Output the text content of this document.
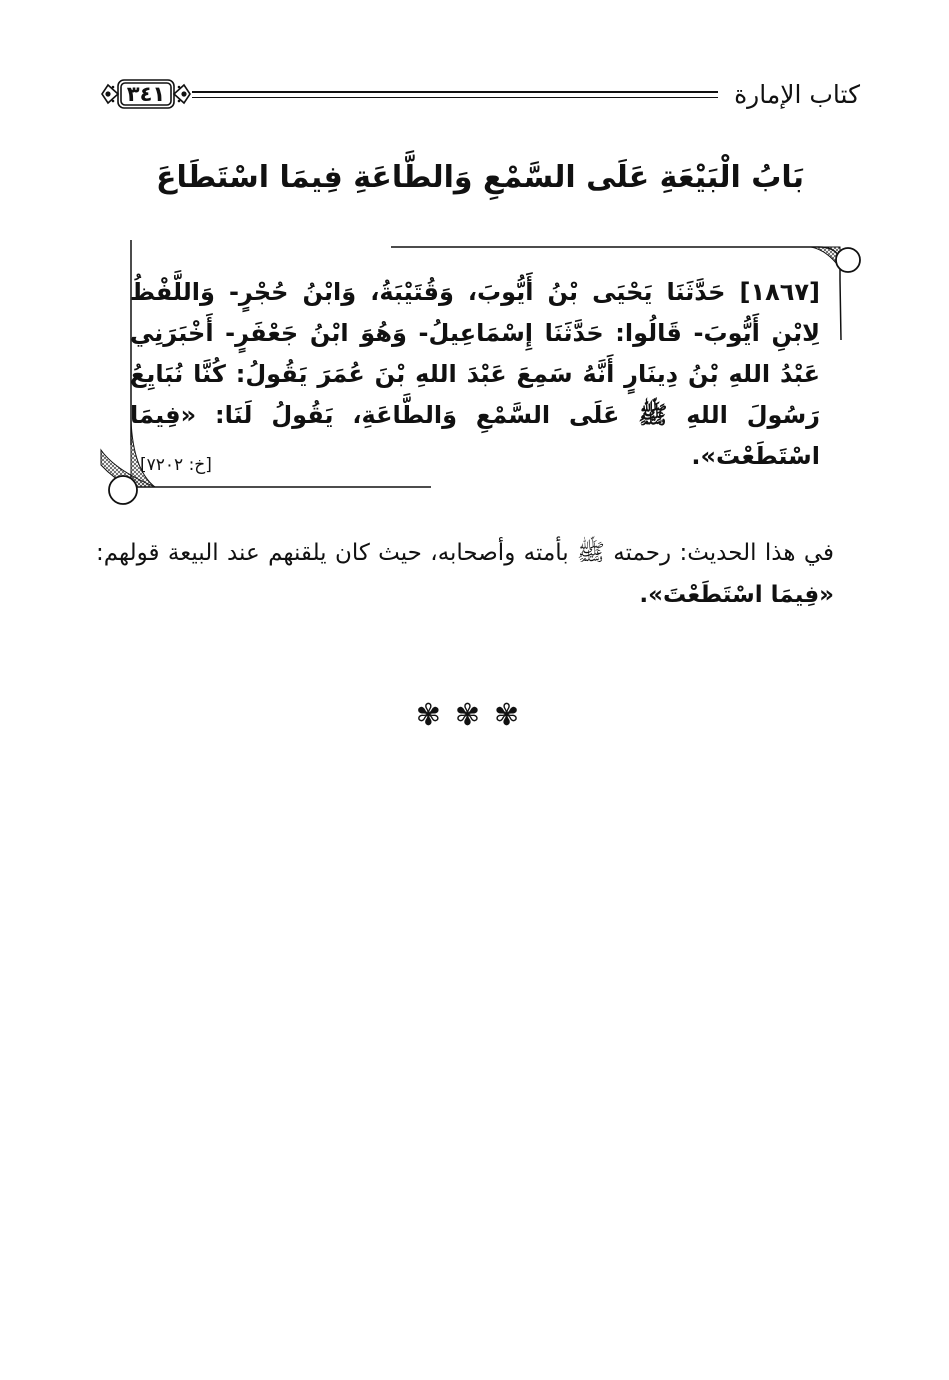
كتاب الإمارة
٣٤١
بَابُ الْبَيْعَةِ عَلَى السَّمْعِ وَالطَّاعَةِ فِيمَا اسْتَطَاعَ
[١٨٦٧] حَدَّثَنَا يَحْيَى بْنُ أَيُّوبَ، وَقُتَيْبَةُ، وَابْنُ حُجْرٍ- وَاللَّفْظُ لِابْنِ أَيُّوبَ- قَالُوا: حَدَّثَنَا إِسْمَاعِيلُ- وَهُوَ ابْنُ جَعْفَرٍ- أَخْبَرَنِي عَبْدُ اللهِ بْنُ دِينَارٍ أَنَّهُ سَمِعَ عَبْدَ اللهِ بْنَ عُمَرَ يَقُولُ: كُنَّا نُبَايِعُ رَسُولَ اللهِ ﷺ عَلَى السَّمْعِ وَالطَّاعَةِ، يَقُولُ لَنَا: «فِيمَا اسْتَطَعْتَ».
[خ: ٧٢٠٢]
في هذا الحديث: رحمته ﷺ بأمته وأصحابه، حيث كان يلقنهم عند البيعة قولهم: «فِيمَا اسْتَطَعْتَ».
✾✾✾
